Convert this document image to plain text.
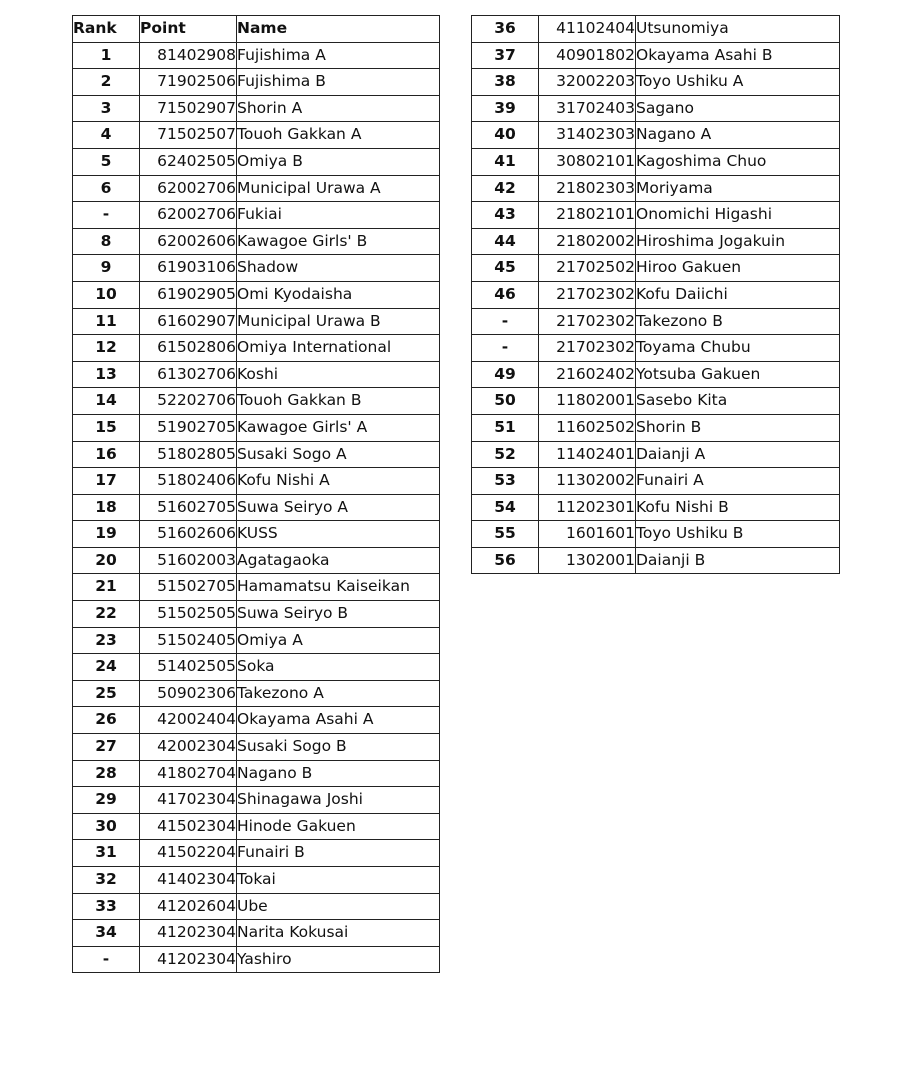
Rank	Point	Name
1	81402908	Fujishima A
2	71902506	Fujishima B
3	71502907	Shorin A
4	71502507	Touoh Gakkan A
5	62402505	Omiya B
6	62002706	Municipal Urawa A
-	62002706	Fukiai
8	62002606	Kawagoe Girls' B
9	61903106	Shadow
10	61902905	Omi Kyodaisha
11	61602907	Municipal Urawa B
12	61502806	Omiya International
13	61302706	Koshi
14	52202706	Touoh Gakkan B
15	51902705	Kawagoe Girls' A
16	51802805	Susaki Sogo A
17	51802406	Kofu Nishi A
18	51602705	Suwa Seiryo A
19	51602606	KUSS
20	51602003	Agatagaoka
21	51502705	Hamamatsu Kaiseikan
22	51502505	Suwa Seiryo B
23	51502405	Omiya A
24	51402505	Soka
25	50902306	Takezono A
26	42002404	Okayama Asahi A
27	42002304	Susaki Sogo B
28	41802704	Nagano B
29	41702304	Shinagawa Joshi
30	41502304	Hinode Gakuen
31	41502204	Funairi B
32	41402304	Tokai
33	41202604	Ube
34	41202304	Narita Kokusai
-	41202304	Yashiro
36	41102404	Utsunomiya
37	40901802	Okayama Asahi B
38	32002203	Toyo Ushiku A
39	31702403	Sagano
40	31402303	Nagano A
41	30802101	Kagoshima Chuo
42	21802303	Moriyama
43	21802101	Onomichi Higashi
44	21802002	Hiroshima Jogakuin
45	21702502	Hiroo Gakuen
46	21702302	Kofu Daiichi
-	21702302	Takezono B
-	21702302	Toyama Chubu
49	21602402	Yotsuba Gakuen
50	11802001	Sasebo Kita
51	11602502	Shorin B
52	11402401	Daianji A
53	11302002	Funairi A
54	11202301	Kofu Nishi B
55	1601601	Toyo Ushiku B
56	1302001	Daianji B
